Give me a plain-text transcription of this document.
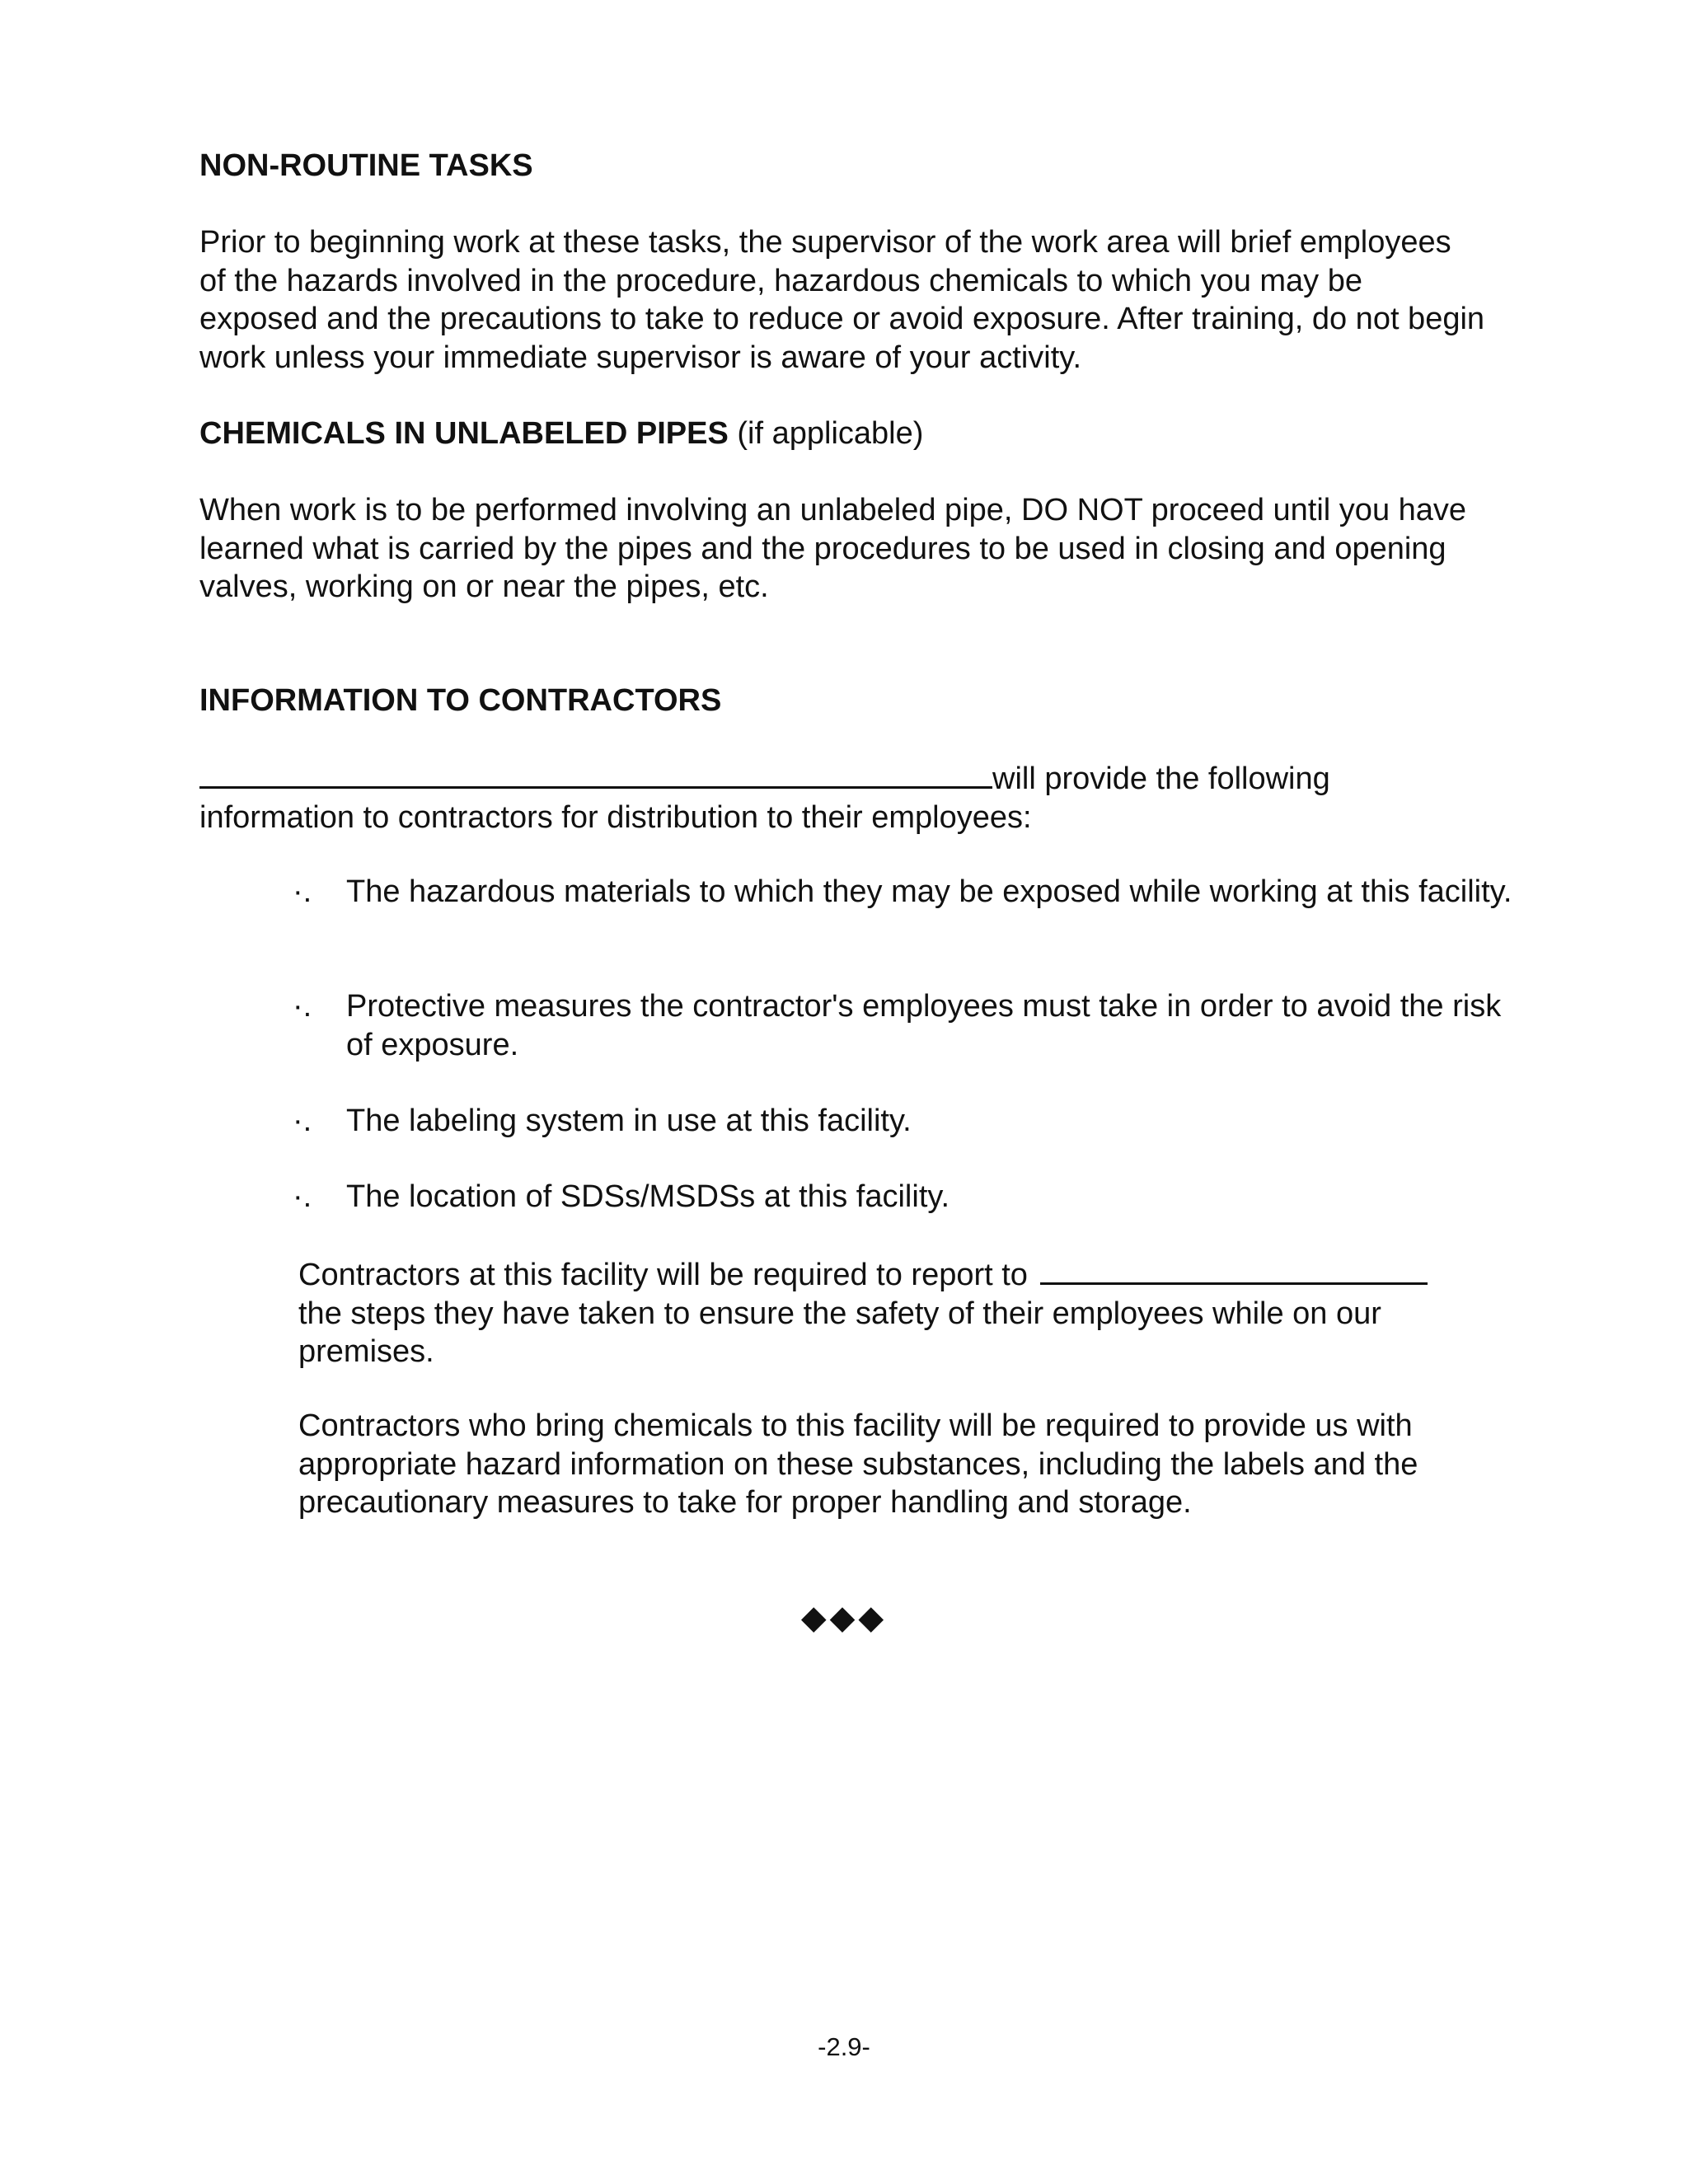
NON-ROUTINE TASKS
Prior to beginning work at these tasks, the supervisor of the work area will brief employees of the hazards involved in the procedure, hazardous chemicals to which you may be exposed and the precautions to take to reduce or avoid exposure. After training, do not begin work unless your immediate supervisor is aware of your activity.
CHEMICALS IN UNLABELED PIPES (if applicable)
When work is to be performed involving an unlabeled pipe, DO NOT proceed until you have learned what is carried by the pipes and the procedures to be used in closing and opening valves, working on or near the pipes, etc.
INFORMATION TO CONTRACTORS
will provide the following information to contractors for distribution to their employees:
·.	The hazardous materials to which they may be exposed while working at this facility.
·.	Protective measures the contractor's employees must take in order to avoid the risk of exposure.
·.	The labeling system in use at this facility.
·.	The location of SDSs/MSDSs at this facility.
Contractors at this facility will be required to report to  the steps they have taken to ensure the safety of their employees while on our premises.
Contractors who bring chemicals to this facility will be required to provide us with appropriate hazard information on these substances, including the labels and the precautionary measures to take for proper handling and storage.
◆◆◆
-2.9-
